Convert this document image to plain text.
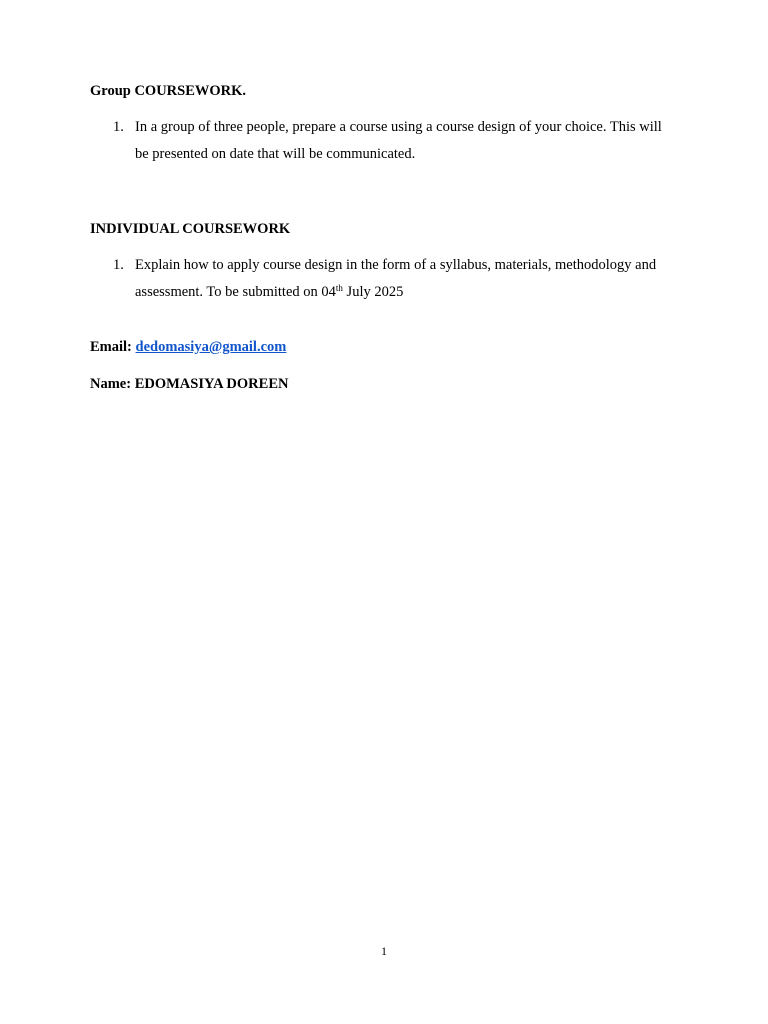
Group COURSEWORK.
1. In a group of three people, prepare a course using a course design of your choice. This will
be presented on date that will be communicated.
INDIVIDUAL COURSEWORK
1. Explain how to apply course design in the form of a syllabus, materials, methodology and
assessment. To be submitted on 04th July 2025
Email: dedomasiya@gmail.com
Name: EDOMASIYA DOREEN
1
